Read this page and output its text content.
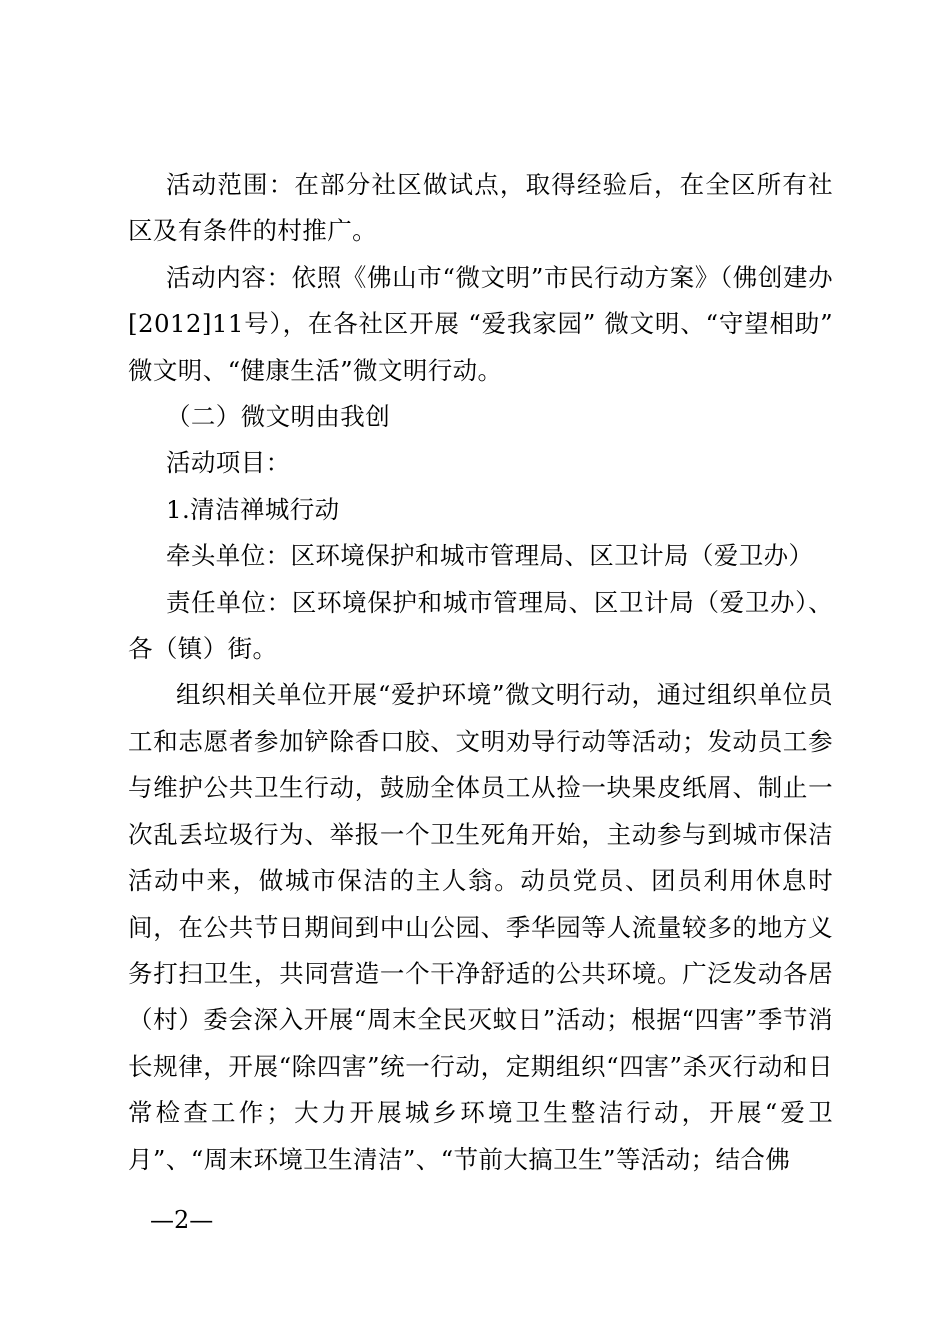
活动范围：在部分社区做试点，取得经验后，在全区所有社区及有条件的村推广。

活动内容：依照《佛山市“微文明”市民行动方案》（佛创建办[2012]11号），在各社区开展 “爱我家园” 微文明、“守望相助” 微文明、“健康生活”微文明行动。

（二）微文明由我创

活动项目：

1.清洁禅城行动

牵头单位：区环境保护和城市管理局、区卫计局（爱卫办）

责任单位：区环境保护和城市管理局、区卫计局（爱卫办）、各（镇）街。

组织相关单位开展“爱护环境”微文明行动，通过组织单位员工和志愿者参加铲除香口胶、文明劝导行动等活动；发动员工参与维护公共卫生行动，鼓励全体员工从捡一块果皮纸屑、制止一次乱丢垃圾行为、举报一个卫生死角开始，主动参与到城市保洁活动中来，做城市保洁的主人翁。动员党员、团员利用休息时间，在公共节日期间到中山公园、季华园等人流量较多的地方义务打扫卫生，共同营造一个干净舒适的公共环境。广泛发动各居（村）委会深入开展“周末全民灭蚊日”活动；根据“四害”季节消长规律，开展“除四害”统一行动，定期组织“四害”杀灭行动和日常检查工作；大力开展城乡环境卫生整洁行动，开展“爱卫月”、“周末环境卫生清洁”、“节前大搞卫生”等活动；结合佛

—2—
